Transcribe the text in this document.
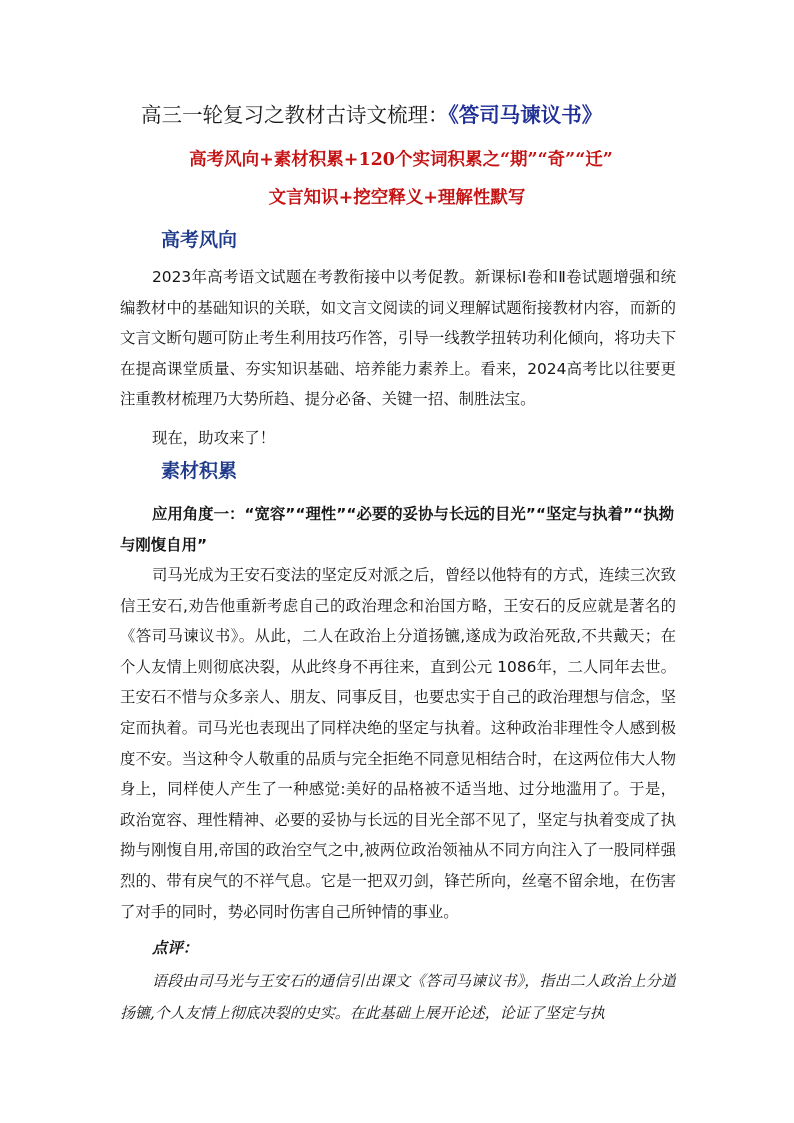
高三一轮复习之教材古诗文梳理：《答司马谏议书》
高考风向+素材积累+120个实词积累之“期”“奇”“迁”
文言知识+挖空释义+理解性默写
高考风向
2023年高考语文试题在考教衔接中以考促教。新课标Ⅰ卷和Ⅱ卷试题增强和统编教材中的基础知识的关联，如文言文阅读的词义理解试题衔接教材内容，而新的文言文断句题可防止考生利用技巧作答，引导一线教学扭转功利化倾向，将功夫下在提高课堂质量、夯实知识基础、培养能力素养上。看来，2024高考比以往要更注重教材梳理乃大势所趋、提分必备、关键一招、制胜法宝。
现在，助攻来了！
素材积累
应用角度一：“宽容”“理性”“必要的妥协与长远的目光”“坚定与执着”“执拗与刚愎自用”
司马光成为王安石变法的坚定反对派之后，曾经以他特有的方式，连续三次致信王安石,劝告他重新考虑自己的政治理念和治国方略，王安石的反应就是著名的《答司马谏议书》。从此，二人在政治上分道扬镳,遂成为政治死敌,不共戴天；在个人友情上则彻底决裂，从此终身不再往来，直到公元 1086年，二人同年去世。王安石不惜与众多亲人、朋友、同事反目，也要忠实于自己的政治理想与信念，坚定而执着。司马光也表现出了同样决绝的坚定与执着。这种政治非理性令人感到极度不安。当这种令人敬重的品质与完全拒绝不同意见相结合时，在这两位伟大人物身上，同样使人产生了一种感觉:美好的品格被不适当地、过分地滥用了。于是，政治宽容、理性精神、必要的妥协与长远的目光全部不见了，坚定与执着变成了执拗与刚愎自用,帝国的政治空气之中,被两位政治领袖从不同方向注入了一股同样强烈的、带有戾气的不祥气息。它是一把双刃剑，锋芒所向，丝毫不留余地，在伤害了对手的同时，势必同时伤害自己所钟情的事业。
点评：
语段由司马光与王安石的通信引出课文《答司马谏议书》，指出二人政治上分道扬镳,个人友情上彻底决裂的史实。在此基础上展开论述，论证了坚定与执
